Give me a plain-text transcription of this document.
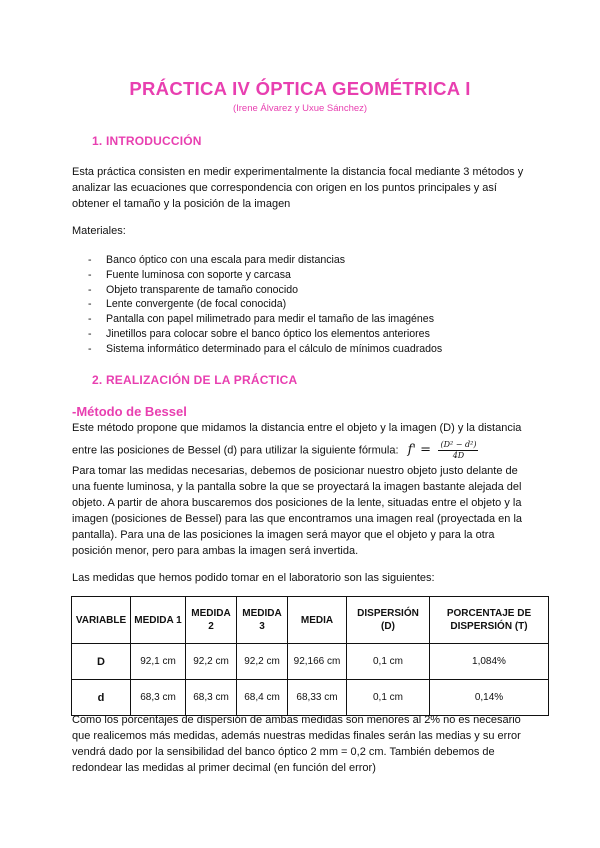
PRÁCTICA IV ÓPTICA GEOMÉTRICA I
(Irene Álvarez y Uxue Sánchez)
1. INTRODUCCIÓN
Esta práctica consisten en medir experimentalmente la distancia focal mediante 3 métodos y analizar las ecuaciones que correspondencia con origen en los puntos principales y así obtener el tamaño y la posición de la imagen
Materiales:
- Banco óptico con una escala para medir distancias
- Fuente luminosa con soporte y carcasa
- Objeto transparente de tamaño conocido
- Lente convergente (de focal conocida)
- Pantalla con papel milimetrado para medir el tamaño de las imagénes
- Jinetillos para colocar sobre el banco óptico los elementos anteriores
- Sistema informático determinado para el cálculo de mínimos cuadrados
2. REALIZACIÓN DE LA PRÁCTICA
-Método de Bessel
Este método propone que midamos la distancia entre el objeto y la imagen (D) y la distancia
entre las posiciones de Bessel (d) para utilizar la siguiente fórmula: $f' = \frac{\text{(D² − d²)}}{4D}$
Para tomar las medidas necesarias, debemos de posicionar nuestro objeto justo delante de una fuente luminosa, y la pantalla sobre la que se proyectará la imagen bastante alejada del objeto. A partir de ahora buscaremos dos posiciones de la lente, situadas entre el objeto y la imagen (posiciones de Bessel) para las que encontramos una imagen real (proyectada en la pantalla). Para una de las posiciones la imagen será mayor que el objeto y para la otra posición menor, pero para ambas la imagen será invertida.
Las medidas que hemos podido tomar en el laboratorio son las siguientes:
VARIABLE	MEDIDA 1	MEDIDA 2	MEDIDA 3	MEDIA	DISPERSIÓN (D)	PORCENTAJE DE DISPERSIÓN (T)
D	92,1 cm	92,2 cm	92,2 cm	92,166 cm	0,1 cm	1,084%
d	68,3 cm	68,3 cm	68,4 cm	68,33 cm	0,1 cm	0,14%
Como los porcentajes de dispersión de ambas medidas son menores al 2% no es necesario que realicemos más medidas, además nuestras medidas finales serán las medias y su error vendrá dado por la sensibilidad del banco óptico 2 mm = 0,2 cm. También debemos de redondear las medidas al primer decimal (en función del error)
